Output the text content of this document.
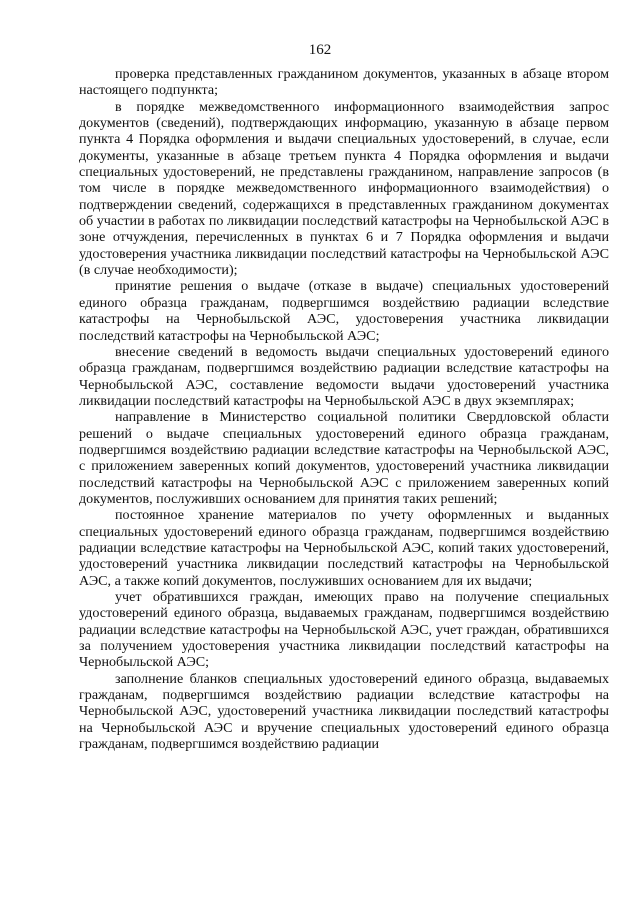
162

проверка представленных гражданином документов, указанных в абзаце втором настоящего подпункта;

в порядке межведомственного информационного взаимодействия запрос документов (сведений), подтверждающих информацию, указанную в абзаце первом пункта 4 Порядка оформления и выдачи специальных удостоверений, в случае, если документы, указанные в абзаце третьем пункта 4 Порядка оформления и выдачи специальных удостоверений, не представлены гражданином, направление запросов (в том числе в порядке межведомственного информационного взаимодействия) о подтверждении сведений, содержащихся в представленных гражданином документах об участии в работах по ликвидации последствий катастрофы на Чернобыльской АЭС в зоне отчуждения, перечисленных в пунктах 6 и 7 Порядка оформления и выдачи удостоверения участника ликвидации последствий катастрофы на Чернобыльской АЭС (в случае необходимости);

принятие решения о выдаче (отказе в выдаче) специальных удостоверений единого образца гражданам, подвергшимся воздействию радиации вследствие катастрофы на Чернобыльской АЭС, удостоверения участника ликвидации последствий катастрофы на Чернобыльской АЭС;

внесение сведений в ведомость выдачи специальных удостоверений единого образца гражданам, подвергшимся воздействию радиации вследствие катастрофы на Чернобыльской АЭС, составление ведомости выдачи удостоверений участника ликвидации последствий катастрофы на Чернобыльской АЭС в двух экземплярах;

направление в Министерство социальной политики Свердловской области решений о выдаче специальных удостоверений единого образца гражданам, подвергшимся воздействию радиации вследствие катастрофы на Чернобыльской АЭС, с приложением заверенных копий документов, удостоверений участника ликвидации последствий катастрофы на Чернобыльской АЭС с приложением заверенных копий документов, послуживших основанием для принятия таких решений;

постоянное хранение материалов по учету оформленных и выданных специальных удостоверений единого образца гражданам, подвергшимся воздействию радиации вследствие катастрофы на Чернобыльской АЭС, копий таких удостоверений, удостоверений участника ликвидации последствий катастрофы на Чернобыльской АЭС, а также копий документов, послуживших основанием для их выдачи;

учет обратившихся граждан, имеющих право на получение специальных удостоверений единого образца, выдаваемых гражданам, подвергшимся воздействию радиации вследствие катастрофы на Чернобыльской АЭС, учет граждан, обратившихся за получением удостоверения участника ликвидации последствий катастрофы на Чернобыльской АЭС;

заполнение бланков специальных удостоверений единого образца, выдаваемых гражданам, подвергшимся воздействию радиации вследствие катастрофы на Чернобыльской АЭС, удостоверений участника ликвидации последствий катастрофы на Чернобыльской АЭС и вручение специальных удостоверений единого образца гражданам, подвергшимся воздействию радиации
